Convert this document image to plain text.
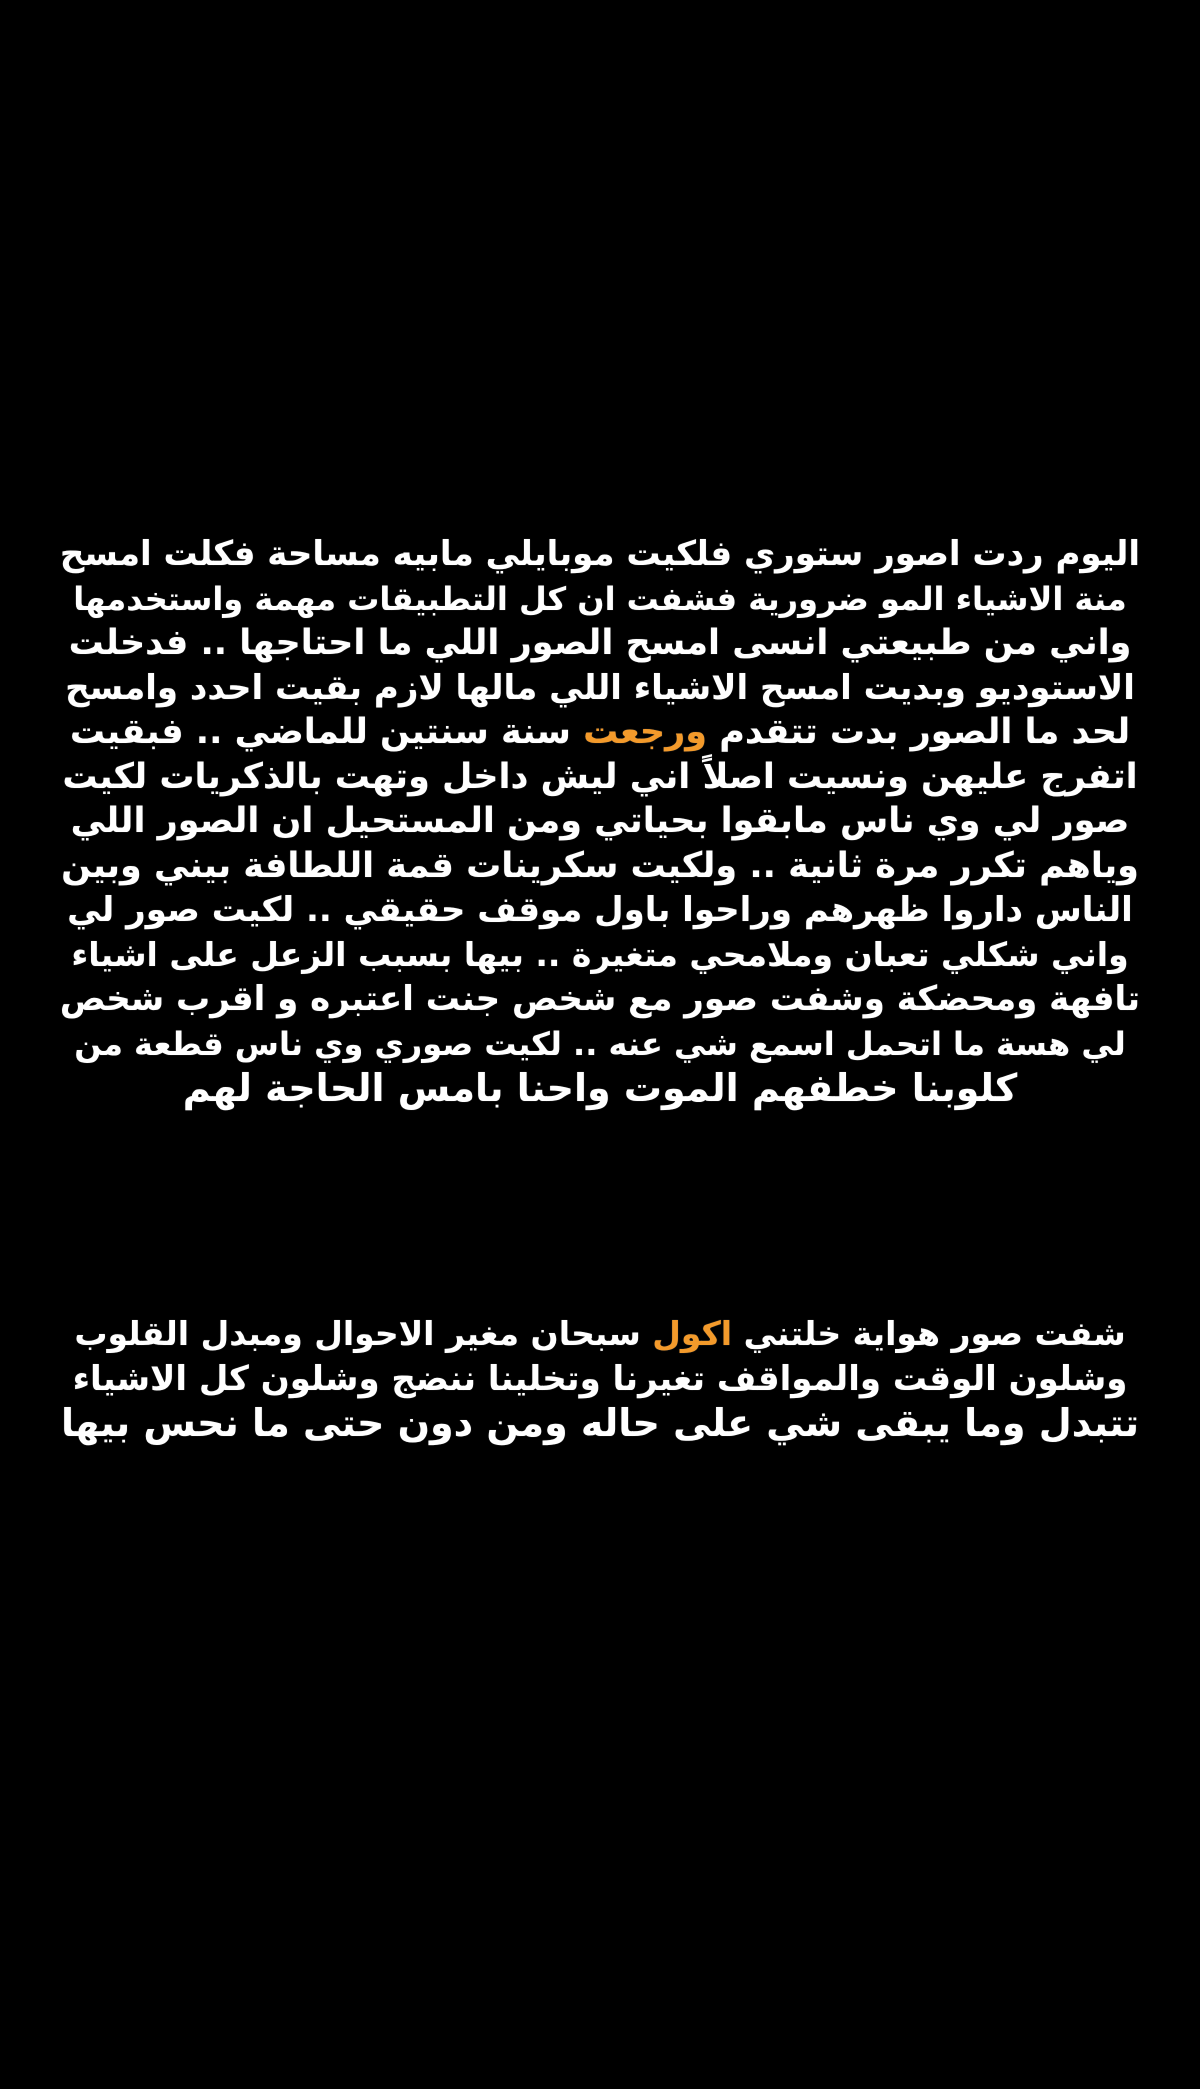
اليوم ردت اصور ستوري فلكيت موبايلي مابيه مساحة فكلت امسح
منة الاشياء المو ضرورية فشفت ان كل التطبيقات مهمة واستخدمها
واني من طبيعتي انسى امسح الصور اللي ما احتاجها .. فدخلت
الاستوديو وبديت امسح الاشياء اللي مالها لازم بقيت احدد وامسح
لحد ما الصور بدت تتقدم ورجعت سنة سنتين للماضي .. فبقيت
اتفرج عليهن ونسيت اصلاً اني ليش داخل وتهت بالذكريات لكيت
صور لي وي ناس مابقوا بحياتي ومن المستحيل ان الصور اللي
وياهم تكرر مرة ثانية .. ولكيت سكرينات قمة اللطافة بيني وبين
الناس داروا ظهرهم وراحوا باول موقف حقيقي .. لكيت صور لي
واني شكلي تعبان وملامحي متغيرة .. بيها بسبب الزعل على اشياء
تافهة ومحضكة وشفت صور مع شخص جنت اعتبره و اقرب شخص
لي هسة ما اتحمل اسمع شي عنه .. لكيت صوري وي ناس قطعة من
كلوبنا خطفهم الموت واحنا بامس الحاجة لهم
شفت صور هواية خلتني اكول سبحان مغير الاحوال ومبدل القلوب
وشلون الوقت والمواقف تغيرنا وتخلينا ننضج وشلون كل الاشياء
تتبدل وما يبقى شي على حاله ومن دون حتى ما نحس بيها
